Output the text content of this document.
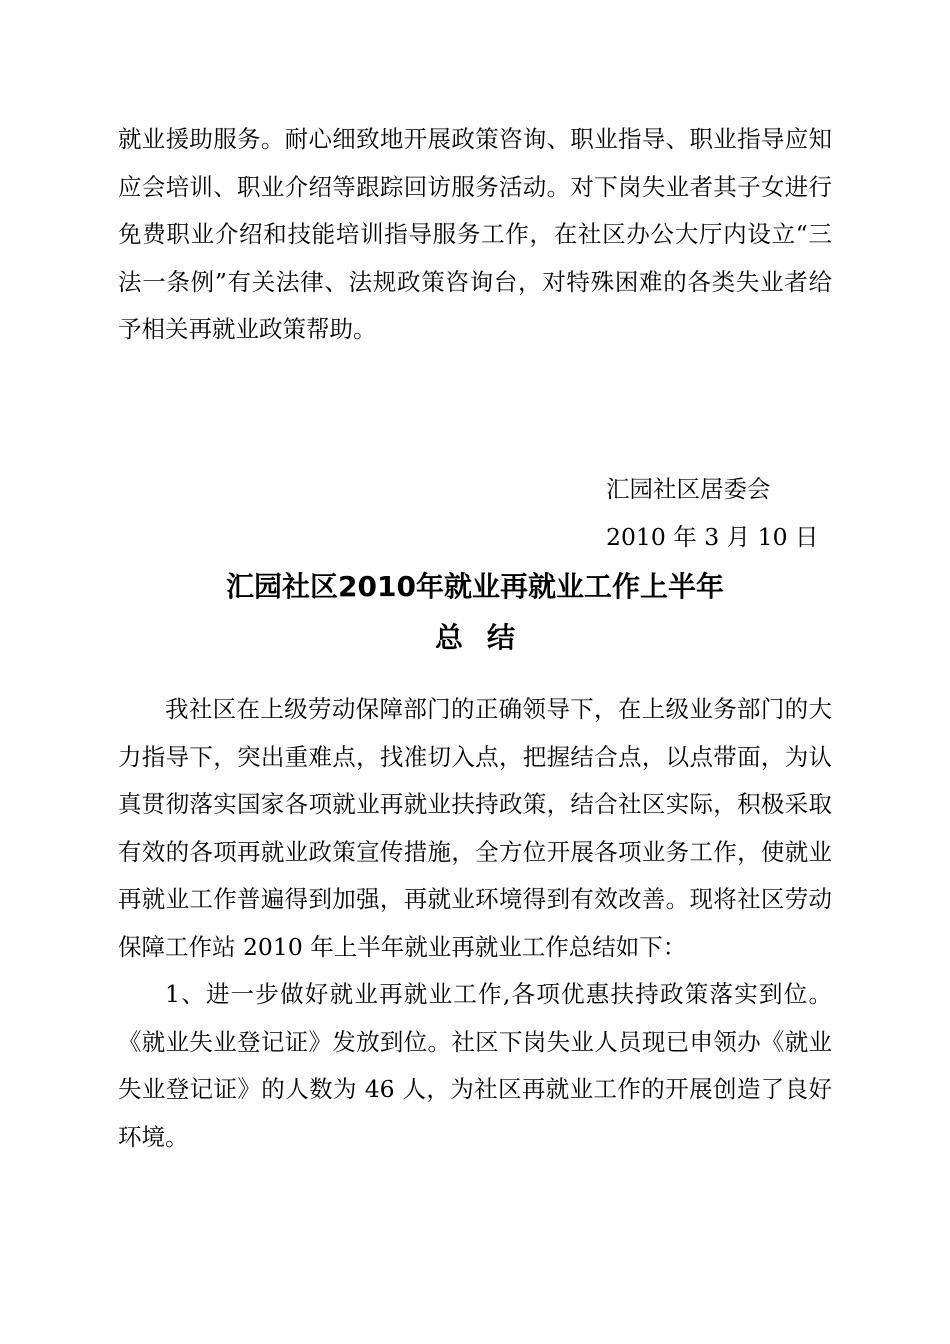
就业援助服务。耐心细致地开展政策咨询、职业指导、职业指导应知应会培训、职业介绍等跟踪回访服务活动。对下岗失业者其子女进行免费职业介绍和技能培训指导服务工作，在社区办公大厅内设立“三法一条例”有关法律、法规政策咨询台，对特殊困难的各类失业者给予相关再就业政策帮助。

汇园社区居委会
2010 年 3 月 10 日
汇园社区2010年就业再就业工作上半年
总结

我社区在上级劳动保障部门的正确领导下，在上级业务部门的大力指导下，突出重难点，找准切入点，把握结合点，以点带面，为认真贯彻落实国家各项就业再就业扶持政策，结合社区实际，积极采取有效的各项再就业政策宣传措施，全方位开展各项业务工作，使就业再就业工作普遍得到加强，再就业环境得到有效改善。现将社区劳动保障工作站 2010 年上半年就业再就业工作总结如下：

1、进一步做好就业再就业工作,各项优惠扶持政策落实到位。《就业失业登记证》发放到位。社区下岗失业人员现已申领办《就业失业登记证》的人数为 46 人，为社区再就业工作的开展创造了良好环境。
